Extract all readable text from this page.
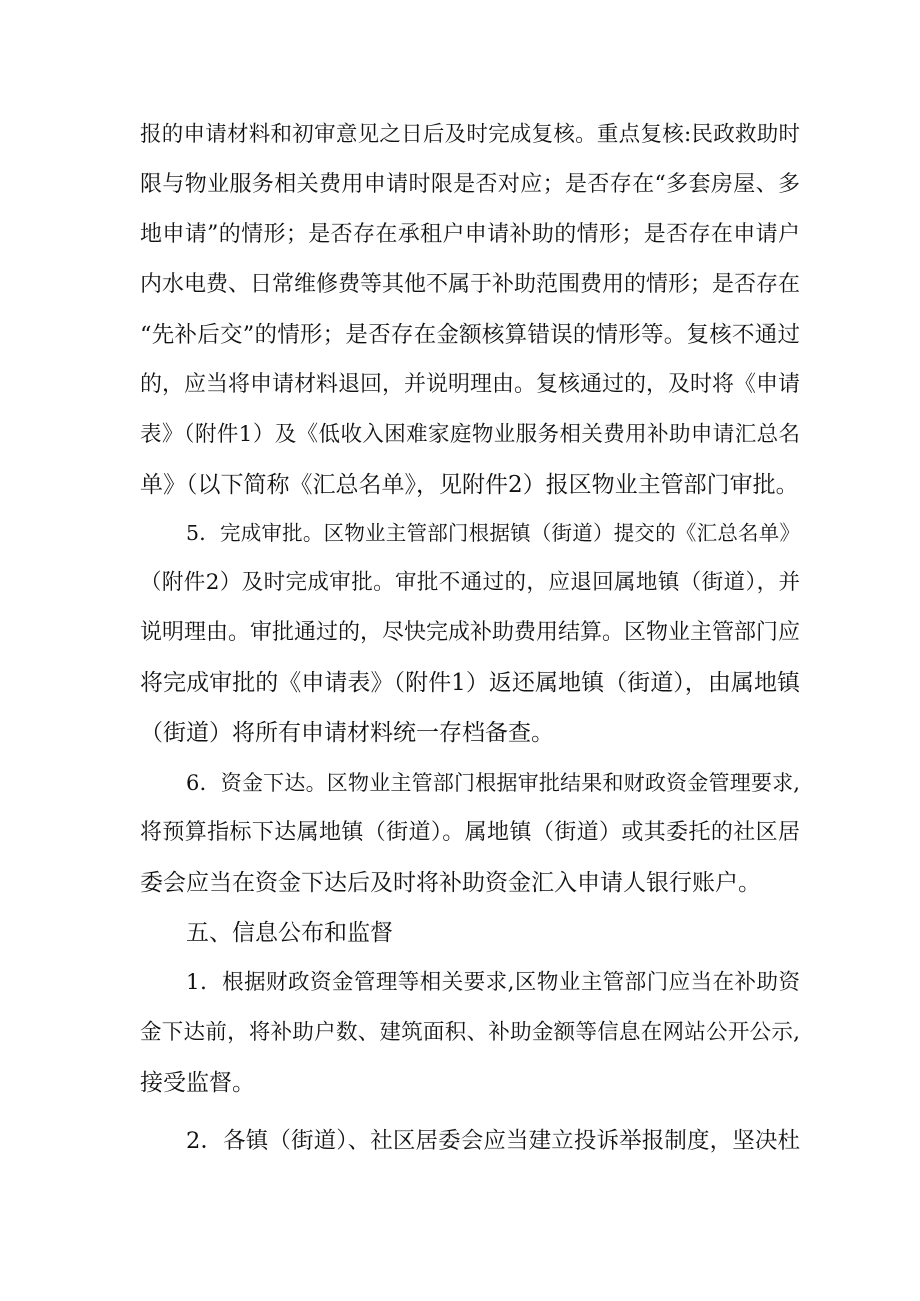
报的申请材料和初审意见之日后及时完成复核。重点复核:民政救助时
限与物业服务相关费用申请时限是否对应；是否存在“多套房屋、多
地申请”的情形；是否存在承租户申请补助的情形；是否存在申请户
内水电费、日常维修费等其他不属于补助范围费用的情形；是否存在
“先补后交”的情形；是否存在金额核算错误的情形等。复核不通过
的，应当将申请材料退回，并说明理由。复核通过的，及时将《申请
表》（附件1）及《低收入困难家庭物业服务相关费用补助申请汇总名
单》（以下简称《汇总名单》，见附件2）报区物业主管部门审批。
5．完成审批。区物业主管部门根据镇（街道）提交的《汇总名单》
（附件2）及时完成审批。审批不通过的，应退回属地镇（街道），并
说明理由。审批通过的，尽快完成补助费用结算。区物业主管部门应
将完成审批的《申请表》（附件1）返还属地镇（街道），由属地镇
（街道）将所有申请材料统一存档备查。
6．资金下达。区物业主管部门根据审批结果和财政资金管理要求,
将预算指标下达属地镇（街道）。属地镇（街道）或其委托的社区居
委会应当在资金下达后及时将补助资金汇入申请人银行账户。
五、信息公布和监督
1．根据财政资金管理等相关要求,区物业主管部门应当在补助资
金下达前，将补助户数、建筑面积、补助金额等信息在网站公开公示,
接受监督。
2．各镇（街道）、社区居委会应当建立投诉举报制度，坚决杜
